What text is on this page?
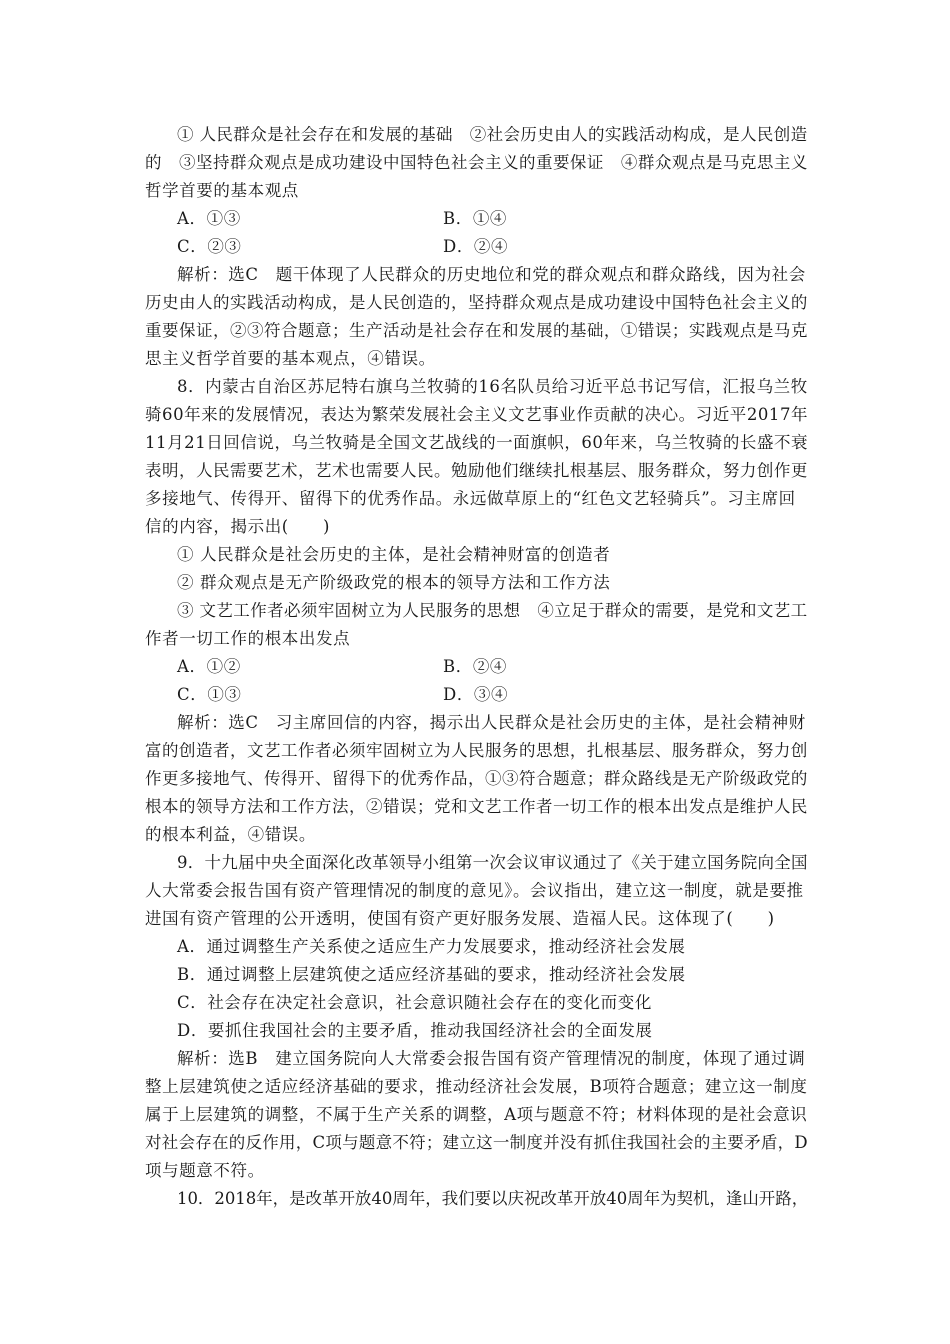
① 人民群众是社会存在和发展的基础　②社会历史由人的实践活动构成，是人民创造
的　③坚持群众观点是成功建设中国特色社会主义的重要保证　④群众观点是马克思主义
哲学首要的基本观点
A．①③	B．①④
C．②③	D．②④
解析：选C　题干体现了人民群众的历史地位和党的群众观点和群众路线，因为社会
历史由人的实践活动构成，是人民创造的，坚持群众观点是成功建设中国特色社会主义的
重要保证，②③符合题意；生产活动是社会存在和发展的基础，①错误；实践观点是马克
思主义哲学首要的基本观点，④错误。
8．内蒙古自治区苏尼特右旗乌兰牧骑的16名队员给习近平总书记写信，汇报乌兰牧
骑60年来的发展情况，表达为繁荣发展社会主义文艺事业作贡献的决心。习近平2017年
11月21日回信说，乌兰牧骑是全国文艺战线的一面旗帜，60年来，乌兰牧骑的长盛不衰
表明，人民需要艺术，艺术也需要人民。勉励他们继续扎根基层、服务群众，努力创作更
多接地气、传得开、留得下的优秀作品。永远做草原上的“红色文艺轻骑兵”。习主席回
信的内容，揭示出(　　)
① 人民群众是社会历史的主体，是社会精神财富的创造者
② 群众观点是无产阶级政党的根本的领导方法和工作方法
③ 文艺工作者必须牢固树立为人民服务的思想　④立足于群众的需要，是党和文艺工
作者一切工作的根本出发点
A．①②	B．②④
C．①③	D．③④
解析：选C　习主席回信的内容，揭示出人民群众是社会历史的主体，是社会精神财
富的创造者，文艺工作者必须牢固树立为人民服务的思想，扎根基层、服务群众，努力创
作更多接地气、传得开、留得下的优秀作品，①③符合题意；群众路线是无产阶级政党的
根本的领导方法和工作方法，②错误；党和文艺工作者一切工作的根本出发点是维护人民
的根本利益，④错误。
9．十九届中央全面深化改革领导小组第一次会议审议通过了《关于建立国务院向全国
人大常委会报告国有资产管理情况的制度的意见》。会议指出，建立这一制度，就是要推
进国有资产管理的公开透明，使国有资产更好服务发展、造福人民。这体现了(　　)
A．通过调整生产关系使之适应生产力发展要求，推动经济社会发展
B．通过调整上层建筑使之适应经济基础的要求，推动经济社会发展
C．社会存在决定社会意识，社会意识随社会存在的变化而变化
D．要抓住我国社会的主要矛盾，推动我国经济社会的全面发展
解析：选B　建立国务院向人大常委会报告国有资产管理情况的制度，体现了通过调
整上层建筑使之适应经济基础的要求，推动经济社会发展，B项符合题意；建立这一制度
属于上层建筑的调整，不属于生产关系的调整，A项与题意不符；材料体现的是社会意识
对社会存在的反作用，C项与题意不符；建立这一制度并没有抓住我国社会的主要矛盾，D
项与题意不符。
10．2018年，是改革开放40周年，我们要以庆祝改革开放40周年为契机，逢山开路，
